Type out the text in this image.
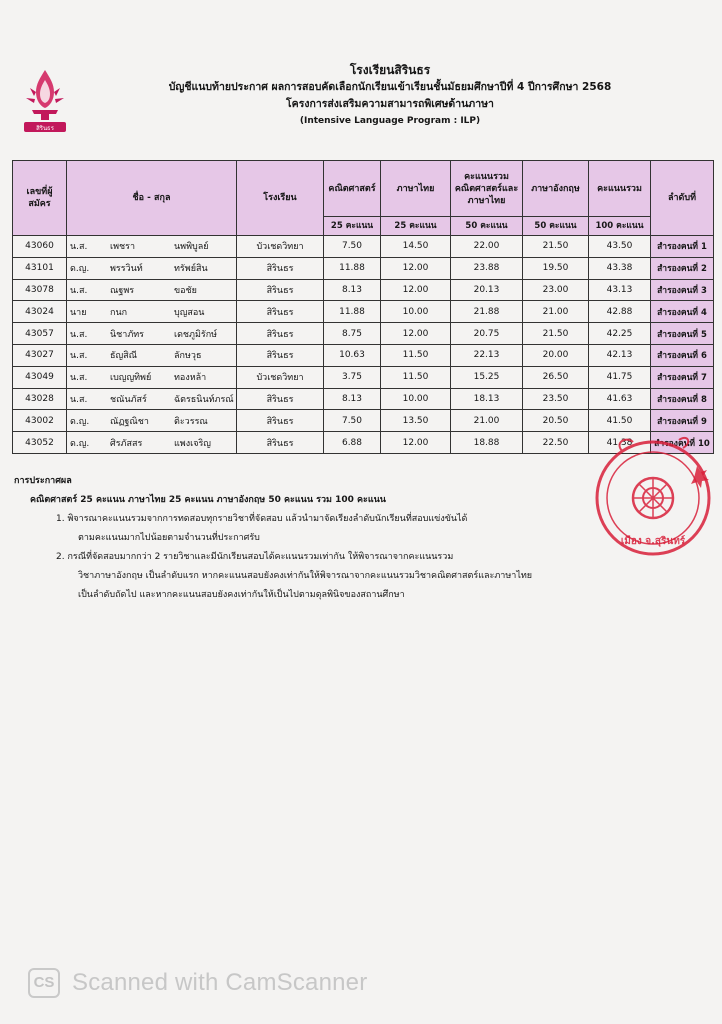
สิรินธร
โรงเรียนสิรินธร
บัญชีแนบท้ายประกาศ ผลการสอบคัดเลือกนักเรียนเข้าเรียนชั้นมัธยมศึกษาปีที่ 4 ปีการศึกษา 2568
โครงการส่งเสริมความสามารถพิเศษด้านภาษา
(Intensive Language Program : ILP)
เลขที่ผู้สมัคร	ชื่อ - สกุล	โรงเรียน	คณิตศาสตร์	ภาษาไทย	คะแนนรวมคณิตศาสตร์และภาษาไทย	ภาษาอังกฤษ	คะแนนรวม	ลำดับที่
			25 คะแนน	25 คะแนน	50 คะแนน	50 คะแนน	100 คะแนน	
43060	น.ส. เพชรา นพพิบูลย์	บัวเชดวิทยา	7.50	14.50	22.00	21.50	43.50	สำรองคนที่ 1
43101	ด.ญ. พรรวินท์ ทรัพย์สิน	สิรินธร	11.88	12.00	23.88	19.50	43.38	สำรองคนที่ 2
43078	น.ส. ณฐพร ขอชัย	สิรินธร	8.13	12.00	20.13	23.00	43.13	สำรองคนที่ 3
43024	นาย กนก บุญสอน	สิรินธร	11.88	10.00	21.88	21.00	42.88	สำรองคนที่ 4
43057	น.ส. นิชาภัทร เดชภูมิรักษ์	สิรินธร	8.75	12.00	20.75	21.50	42.25	สำรองคนที่ 5
43027	น.ส. ธัญสิณี ลักษวุธ	สิรินธร	10.63	11.50	22.13	20.00	42.13	สำรองคนที่ 6
43049	น.ส. เบญญทิพย์ ทองหล้า	บัวเชดวิทยา	3.75	11.50	15.25	26.50	41.75	สำรองคนที่ 7
43028	น.ส. ชณันภัสร์ ฉัตรธนินท์ภรณ์	สิรินธร	8.13	10.00	18.13	23.50	41.63	สำรองคนที่ 8
43002	ด.ญ. ณัฏฐณิชา ติะวรรณ	สิรินธร	7.50	13.50	21.00	20.50	41.50	สำรองคนที่ 9
43052	ด.ญ. ศิรภัสสร แพงเจริญ	สิรินธร	6.88	12.00	18.88	22.50	41.38	สำรองคนที่ 10
การประกาศผล
คณิตศาสตร์ 25 คะแนน ภาษาไทย 25 คะแนน ภาษาอังกฤษ 50 คะแนน รวม 100 คะแนน
1. พิจารณาคะแนนรวมจากการทดสอบทุกรายวิชาที่จัดสอบ แล้วนำมาจัดเรียงลำดับนักเรียนที่สอบแข่งขันได้
ตามคะแนนมากไปน้อยตามจำนวนที่ประกาศรับ
2. กรณีที่จัดสอบมากกว่า 2 รายวิชาและมีนักเรียนสอบได้คะแนนรวมเท่ากัน ให้พิจารณาจากคะแนนรวม
วิชาภาษาอังกฤษ เป็นลำดับแรก หากคะแนนสอบยังคงเท่ากันให้พิจารณาจากคะแนนรวมวิชาคณิตศาสตร์และภาษาไทย
เป็นลำดับถัดไป และหากคะแนนสอบยังคงเท่ากันให้เป็นไปตามดุลพินิจของสถานศึกษา
เมือง จ.สุรินทร์
CS Scanned with CamScanner
